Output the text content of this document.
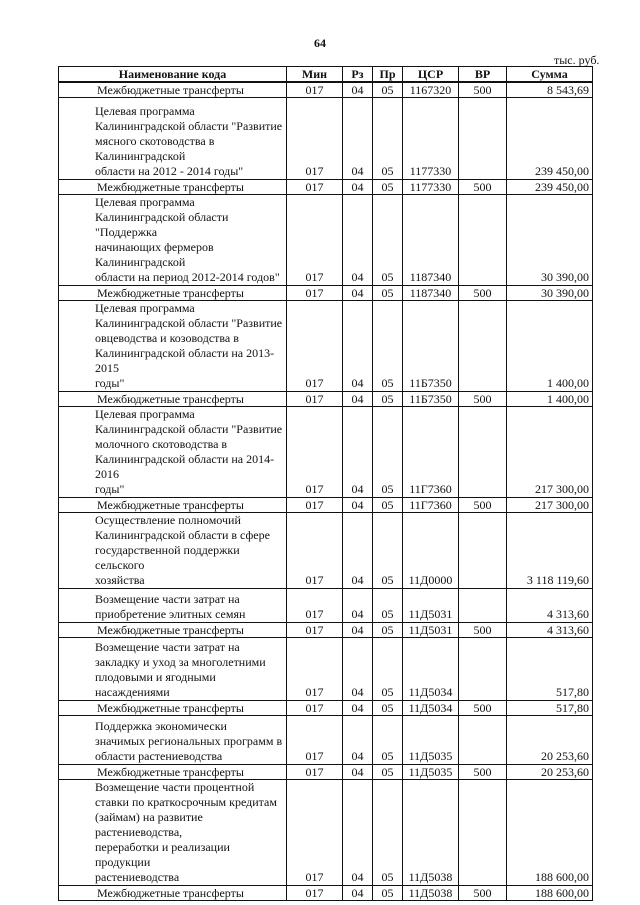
64
тыс. руб.
Наименование кода	Мин	Рз	Пр	ЦСР	ВР	Сумма
Межбюджетные трансферты	017	04	05	1167320	500	8 543,69
Целевая программа
Калининградской области "Развитие
мясного скотоводства в Калининградской
области на 2012 - 2014 годы"	017	04	05	1177330		239 450,00
Межбюджетные трансферты	017	04	05	1177330	500	239 450,00
Целевая программа
Калининградской области "Поддержка
начинающих фермеров Калининградской
области на период 2012-2014 годов"	017	04	05	1187340		30 390,00
Межбюджетные трансферты	017	04	05	1187340	500	30 390,00
Целевая программа
Калининградской области "Развитие
овцеводства и козоводства в
Калининградской области на 2013-2015
годы"	017	04	05	11Б7350		1 400,00
Межбюджетные трансферты	017	04	05	11Б7350	500	1 400,00
Целевая программа
Калининградской области "Развитие
молочного скотоводства в
Калининградской области на 2014-2016
годы"	017	04	05	11Г7360		217 300,00
Межбюджетные трансферты	017	04	05	11Г7360	500	217 300,00
Осуществление полномочий
Калининградской области в сфере
государственной поддержки сельского
хозяйства	017	04	05	11Д0000		3 118 119,60
Возмещение части затрат на
приобретение элитных семян	017	04	05	11Д5031		4 313,60
Межбюджетные трансферты	017	04	05	11Д5031	500	4 313,60
Возмещение части затрат на
закладку и уход за многолетними
плодовыми и ягодными насаждениями	017	04	05	11Д5034		517,80
Межбюджетные трансферты	017	04	05	11Д5034	500	517,80
Поддержка экономически
значимых региональных программ в
области растениеводства	017	04	05	11Д5035		20 253,60
Межбюджетные трансферты	017	04	05	11Д5035	500	20 253,60
Возмещение части процентной
ставки по краткосрочным кредитам
(займам) на развитие растениеводства,
переработки и реализации продукции
растениеводства	017	04	05	11Д5038		188 600,00
Межбюджетные трансферты	017	04	05	11Д5038	500	188 600,00
